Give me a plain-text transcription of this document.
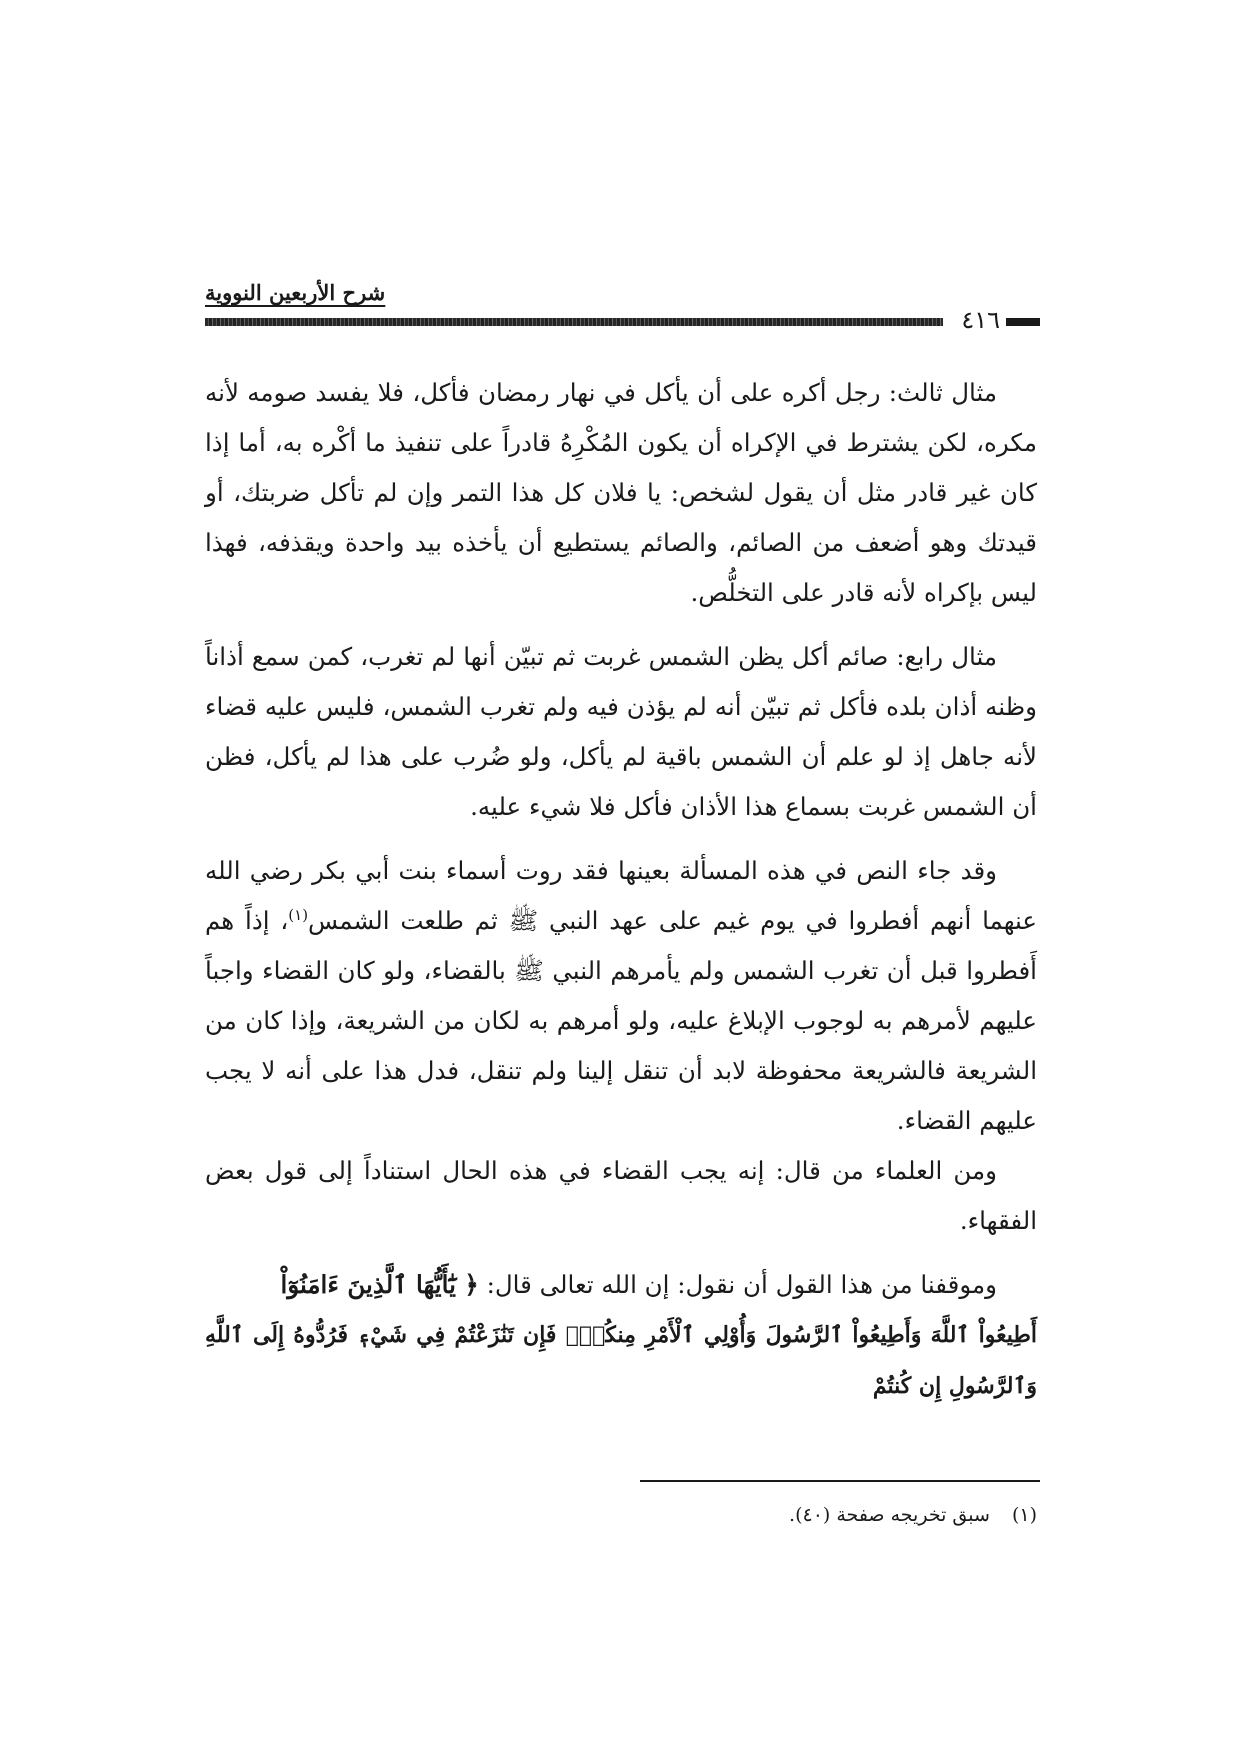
شرح الأربعين النووية
٤١٦

مثال ثالث: رجل أكره على أن يأكل في نهار رمضان فأكل، فلا يفسد صومه لأنه مكره، لكن يشترط في الإكراه أن يكون المُكْرِهُ قادراً على تنفيذ ما أكْره به، أما إذا كان غير قادر مثل أن يقول لشخص: يا فلان كل هذا التمر وإن لم تأكل ضربتك، أو قيدتك وهو أضعف من الصائم، والصائم يستطيع أن يأخذه بيد واحدة ويقذفه، فهذا ليس بإكراه لأنه قادر على التخلُّص.

مثال رابع: صائم أكل يظن الشمس غربت ثم تبيّن أنها لم تغرب، كمن سمع أذاناً وظنه أذان بلده فأكل ثم تبيّن أنه لم يؤذن فيه ولم تغرب الشمس، فليس عليه قضاء لأنه جاهل إذ لو علم أن الشمس باقية لم يأكل، ولو ضُرب على هذا لم يأكل، فظن أن الشمس غربت بسماع هذا الأذان فأكل فلا شيء عليه.

وقد جاء النص في هذه المسألة بعينها فقد روت أسماء بنت أبي بكر رضي الله عنهما أنهم أفطروا في يوم غيم على عهد النبي ﷺ ثم طلعت الشمس$^{(١)}$، إذاً هم أَفطروا قبل أن تغرب الشمس ولم يأمرهم النبي ﷺ بالقضاء، ولو كان القضاء واجباً عليهم لأمرهم به لوجوب الإبلاغ عليه، ولو أمرهم به لكان من الشريعة، وإذا كان من الشريعة فالشريعة محفوظة لابد أن تنقل إلينا ولم تنقل، فدل هذا على أنه لا يجب عليهم القضاء.

ومن العلماء من قال: إنه يجب القضاء في هذه الحال استناداً إلى قول بعض الفقهاء.

وموقفنا من هذا القول أن نقول: إن الله تعالى قال: ﴿ يَٰٓأَيُّهَا ٱلَّذِينَ ءَامَنُوٓاْ

أَطِيعُواْ ٱللَّهَ وَأَطِيعُواْ ٱلرَّسُولَ وَأُوْلِي ٱلْأَمْرِ مِنكُمْۖ فَإِن تَنَٰزَعْتُمْ فِي شَيْءٖ فَرُدُّوهُ إِلَى ٱللَّهِ وَٱلرَّسُولِ إِن كُنتُمْ

(١)سبق تخريجه صفحة (٤٠).
